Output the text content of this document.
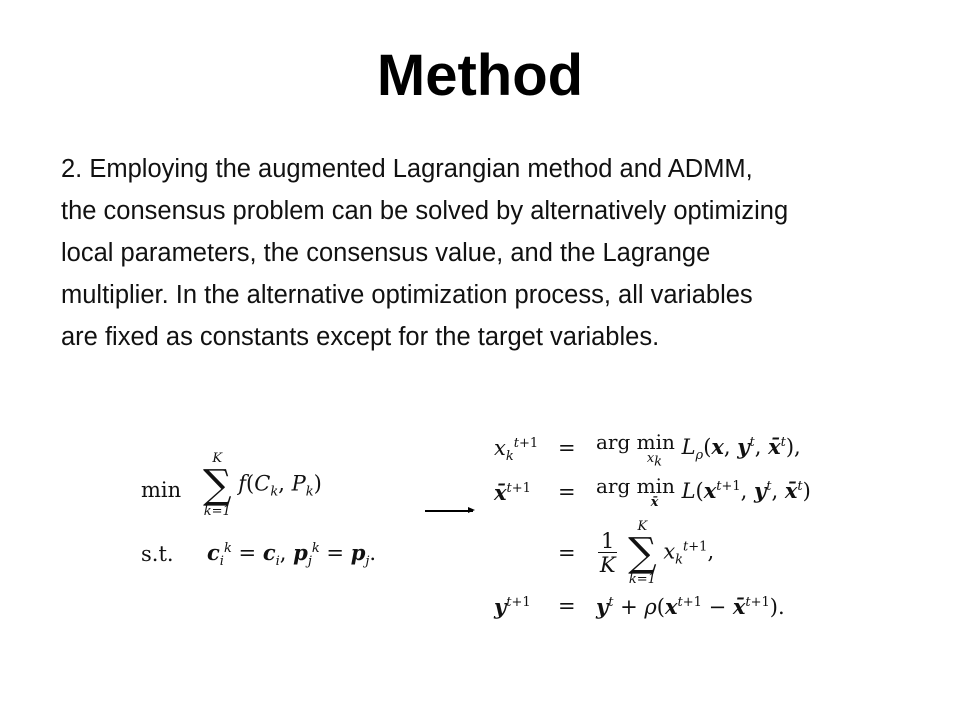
Method
2. Employing the augmented Lagrangian method and ADMM,
the consensus problem can be solved by alternatively optimizing
local parameters, the consensus value, and the Lagrange
multiplier. In the alternative optimization process, all variables
are fixed as constants except for the target variables.
min
K
∑
k=1
$f(C_k$, $P_k$)
s.t. $c_i^k = c_i$, $p_j^k = p_j$.
$x_k^{t+1}$ = arg min
$x_k$
$L_\rho(x$, $y^t$, x̄$^t$),
x̄$^{t+1}$ = arg min
x̄	$L(x^{t+1}$, $y^t$, x̄$^t$)
= $\frac{1}{K}$

K
∑
k=1
$x_k^{t+1}$,
$y^{t+1} = y^t + \rho(x^{t+1}$ − x̄$^{t+1}$).
